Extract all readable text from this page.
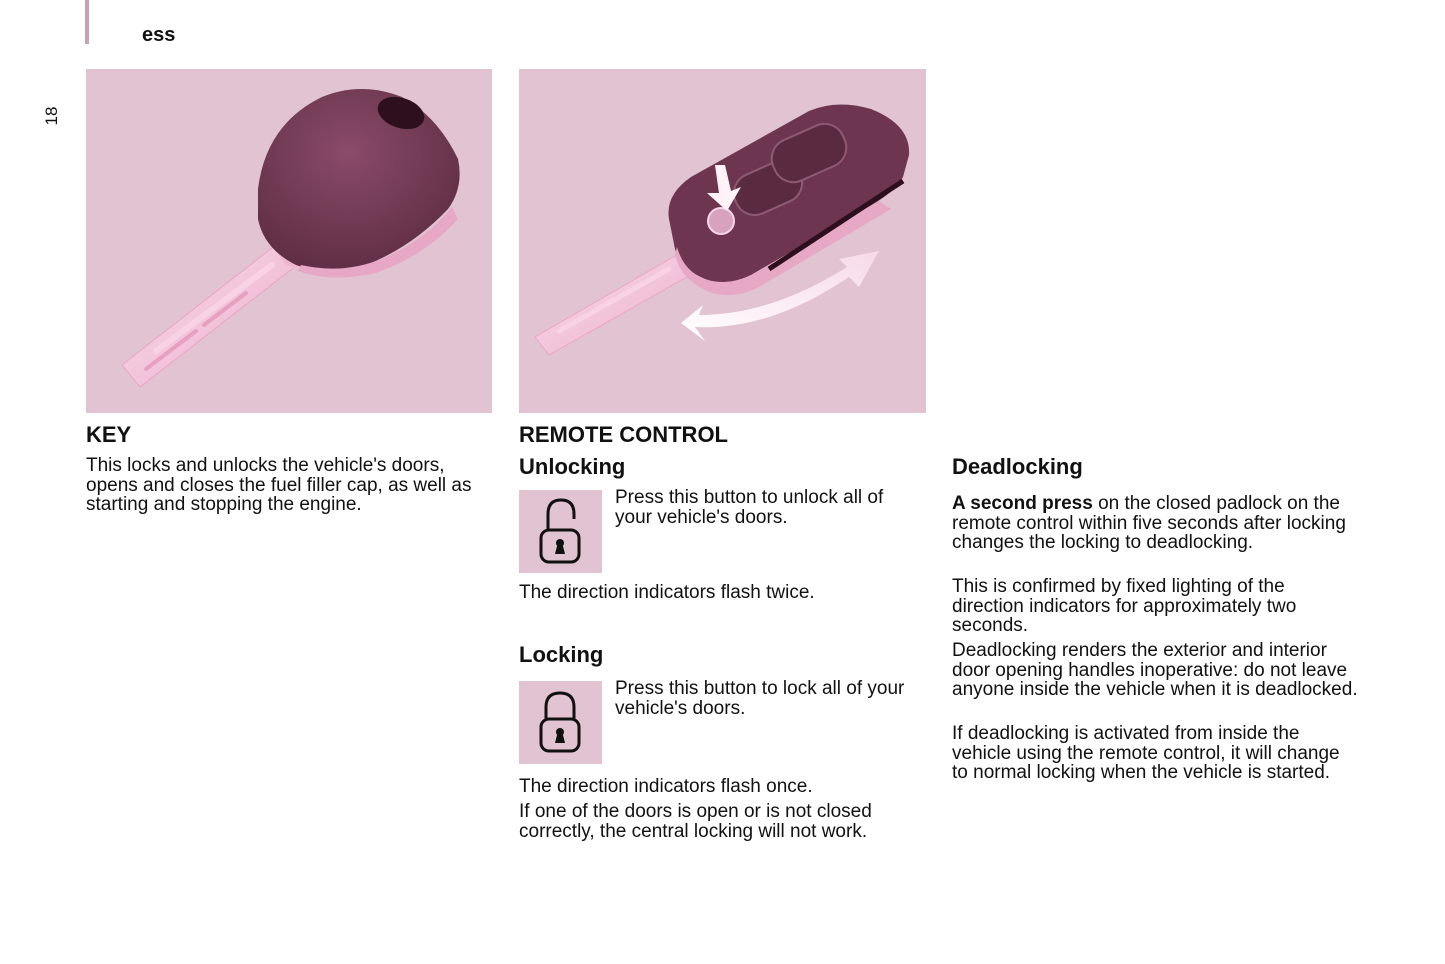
ess
18
KEY

This locks and unlocks the vehicle's doors, opens and closes the fuel filler cap, as well as starting and stopping the engine.

REMOTE CONTROL
Unlocking

Press this button to unlock all of your vehicle's doors.

The direction indicators flash twice.

Locking

Press this button to lock all of your vehicle's doors.

The direction indicators flash once.

If one of the doors is open or is not closed correctly, the central locking will not work.

Deadlocking

A second press on the closed padlock on the remote control within five seconds after locking changes the locking to deadlocking.

This is confirmed by fixed lighting of the direction indicators for approximately two seconds.

Deadlocking renders the exterior and interior door opening handles inoperative: do not leave anyone inside the vehicle when it is deadlocked.

If deadlocking is activated from inside the vehicle using the remote control, it will change to normal locking when the vehicle is started.
